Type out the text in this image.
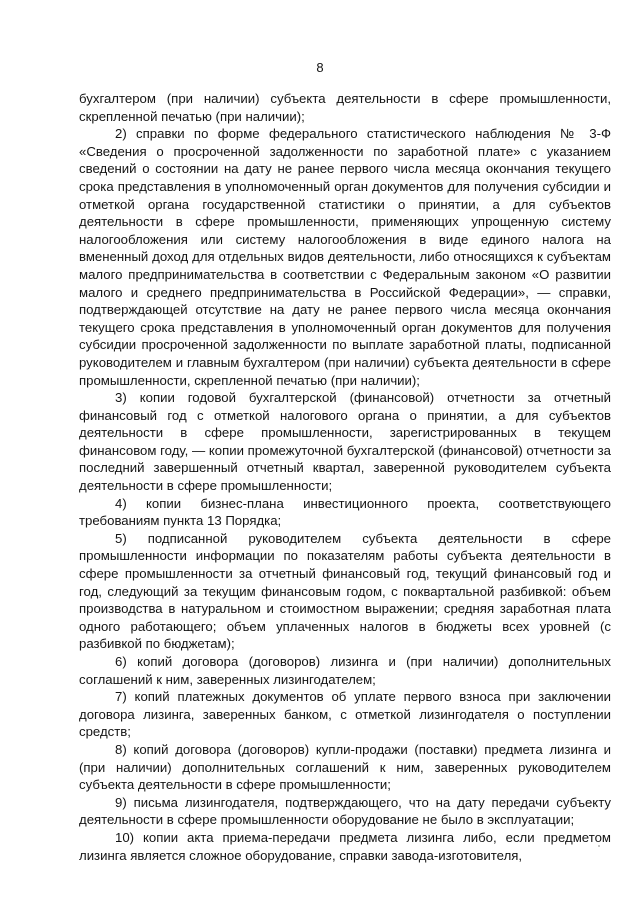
8

бухгалтером (при наличии) субъекта деятельности в сфере промышленности, скрепленной печатью (при наличии);

2) справки по форме федерального статистического наблюдения № 3-Ф «Сведения о просроченной задолженности по заработной плате» с указанием сведений о состоянии на дату не ранее первого числа месяца окончания текущего срока представления в уполномоченный орган документов для получения субсидии и отметкой органа государственной статистики о принятии, а для субъектов деятельности в сфере промышленности, применяющих упрощенную систему налогообложения или систему налогообложения в виде единого налога на вмененный доход для отдельных видов деятельности, либо относящихся к субъектам малого предпринимательства в соответствии с Федеральным законом «О развитии малого и среднего предпринимательства в Российской Федерации», — справки, подтверждающей отсутствие на дату не ранее первого числа месяца окончания текущего срока представления в уполномоченный орган документов для получения субсидии просроченной задолженности по выплате заработной платы, подписанной руководителем и главным бухгалтером (при наличии) субъекта деятельности в сфере промышленности, скрепленной печатью (при наличии);

3) копии годовой бухгалтерской (финансовой) отчетности за отчетный финансовый год с отметкой налогового органа о принятии, а для субъектов деятельности в сфере промышленности, зарегистрированных в текущем финансовом году, — копии промежуточной бухгалтерской (финансовой) отчетности за последний завершенный отчетный квартал, заверенной руководителем субъекта деятельности в сфере промышленности;

4) копии бизнес-плана инвестиционного проекта, соответствующего требованиям пункта 13 Порядка;

5) подписанной руководителем субъекта деятельности в сфере промышленности информации по показателям работы субъекта деятельности в сфере промышленности за отчетный финансовый год, текущий финансовый год и год, следующий за текущим финансовым годом, с поквартальной разбивкой: объем производства в натуральном и стоимостном выражении; средняя заработная плата одного работающего; объем уплаченных налогов в бюджеты всех уровней (с разбивкой по бюджетам);

6) копий договора (договоров) лизинга и (при наличии) дополнительных соглашений к ним, заверенных лизингодателем;

7) копий платежных документов об уплате первого взноса при заключении договора лизинга, заверенных банком, с отметкой лизингодателя о поступлении средств;

8) копий договора (договоров) купли-продажи (поставки) предмета лизинга и (при наличии) дополнительных соглашений к ним, заверенных руководителем субъекта деятельности в сфере промышленности;

9) письма лизингодателя, подтверждающего, что на дату передачи субъекту деятельности в сфере промышленности оборудование не было в эксплуатации;

10) копии акта приема-передачи предмета лизинга либо, если предметом лизинга является сложное оборудование, справки завода-изготовителя,
